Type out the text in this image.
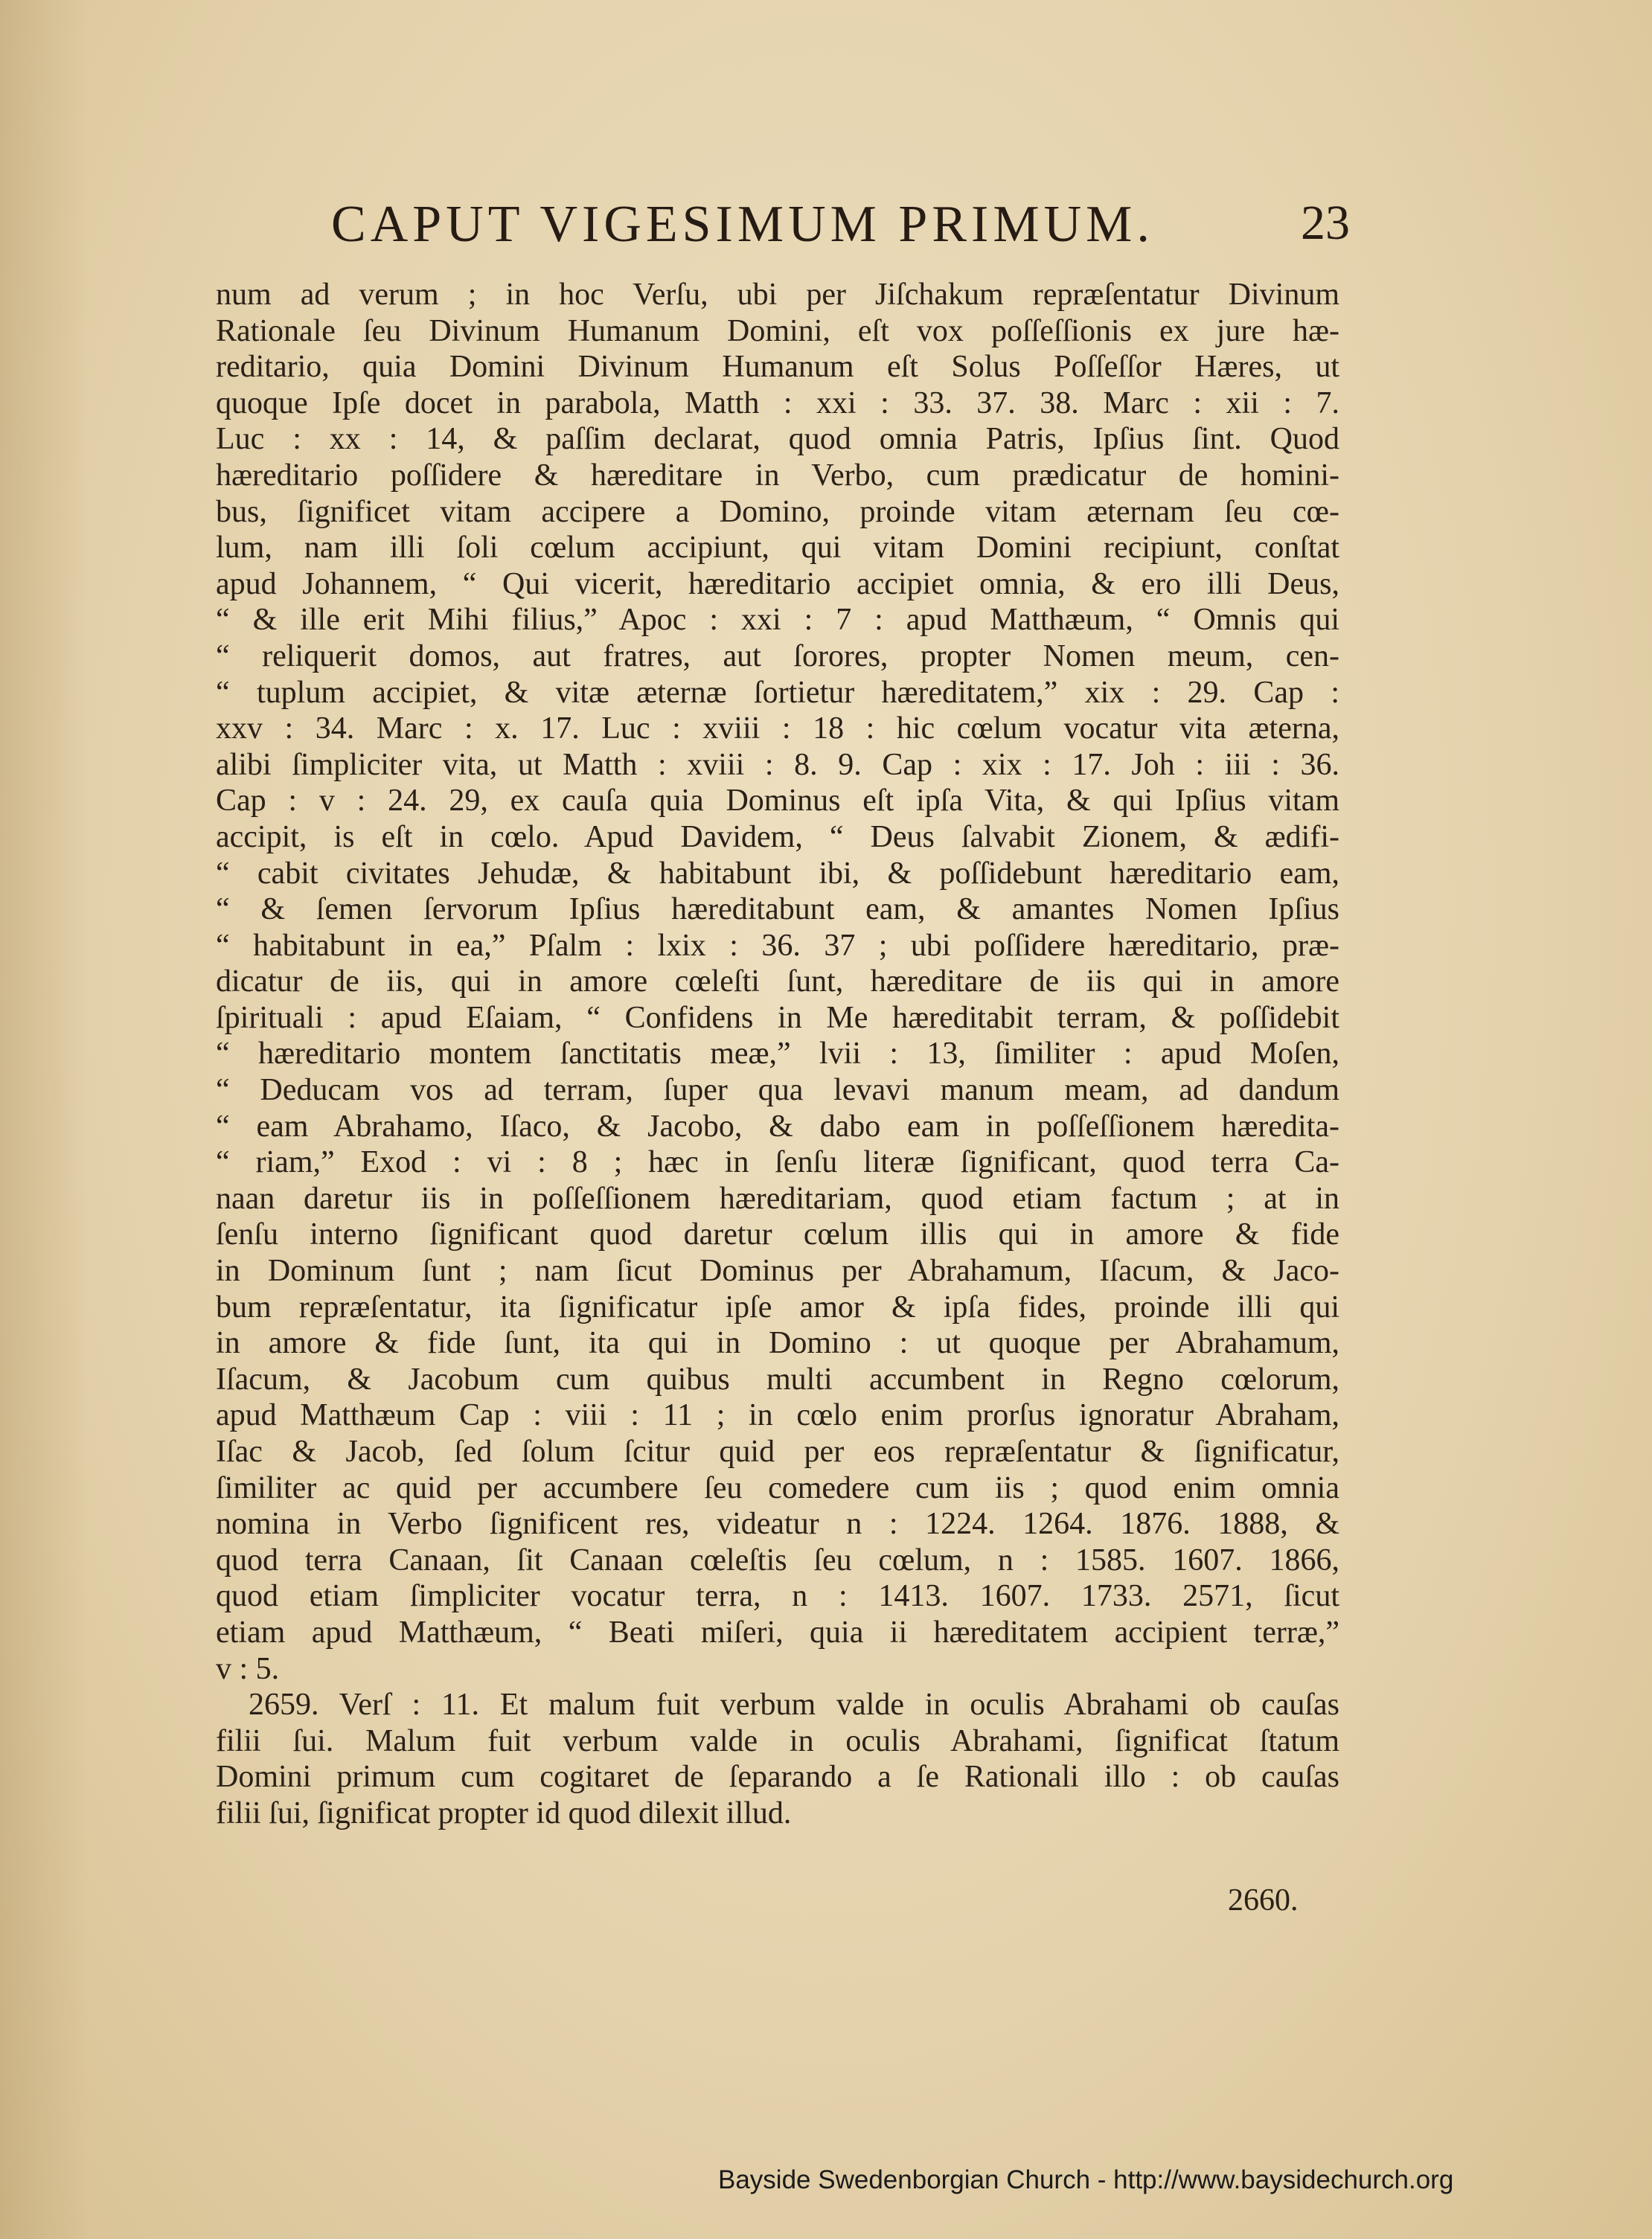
CAPUT VIGESIMUM PRIMUM.	23
num ad verum ; in hoc Verſu, ubi per Jiſchakum repræſentatur Divinum
Rationale ſeu Divinum Humanum Domini, eſt vox poſſeſſionis ex jure hæ-
reditario, quia Domini Divinum Humanum eſt Solus Poſſeſſor Hæres, ut
quoque Ipſe docet in parabola, Matth : xxi : 33. 37. 38. Marc : xii : 7.
Luc : xx : 14, & paſſim declarat, quod omnia Patris, Ipſius ſint. Quod
hæreditario poſſidere & hæreditare in Verbo, cum prædicatur de homini-
bus, ſignificet vitam accipere a Domino, proinde vitam æternam ſeu cœ-
lum, nam illi ſoli cœlum accipiunt, qui vitam Domini recipiunt, conſtat
apud Johannem, “ Qui vicerit, hæreditario accipiet omnia, & ero illi Deus,
“ & ille erit Mihi filius,” Apoc : xxi : 7 : apud Matthæum, “ Omnis qui
“ reliquerit domos, aut fratres, aut ſorores, propter Nomen meum, cen-
“ tuplum accipiet, & vitæ æternæ ſortietur hæreditatem,” xix : 29. Cap :
xxv : 34. Marc : x. 17. Luc : xviii : 18 : hic cœlum vocatur vita æterna,
alibi ſimpliciter vita, ut Matth : xviii : 8. 9. Cap : xix : 17. Joh : iii : 36.
Cap : v : 24. 29, ex cauſa quia Dominus eſt ipſa Vita, & qui Ipſius vitam
accipit, is eſt in cœlo. Apud Davidem, “ Deus ſalvabit Zionem, & ædifi-
“ cabit civitates Jehudæ, & habitabunt ibi, & poſſidebunt hæreditario eam,
“ & ſemen ſervorum Ipſius hæreditabunt eam, & amantes Nomen Ipſius
“ habitabunt in ea,” Pſalm : lxix : 36. 37 ; ubi poſſidere hæreditario, præ-
dicatur de iis, qui in amore cœleſti ſunt, hæreditare de iis qui in amore
ſpirituali : apud Eſaiam, “ Confidens in Me hæreditabit terram, & poſſidebit
“ hæreditario montem ſanctitatis meæ,” lvii : 13, ſimiliter : apud Moſen,
“ Deducam vos ad terram, ſuper qua levavi manum meam, ad dandum
“ eam Abrahamo, Iſaco, & Jacobo, & dabo eam in poſſeſſionem hæredita-
“ riam,” Exod : vi : 8 ; hæc in ſenſu literæ ſignificant, quod terra Ca-
naan daretur iis in poſſeſſionem hæreditariam, quod etiam factum ; at in
ſenſu interno ſignificant quod daretur cœlum illis qui in amore & fide
in Dominum ſunt ; nam ſicut Dominus per Abrahamum, Iſacum, & Jaco-
bum repræſentatur, ita ſignificatur ipſe amor & ipſa fides, proinde illi qui
in amore & fide ſunt, ita qui in Domino : ut quoque per Abrahamum,
Iſacum, & Jacobum cum quibus multi accumbent in Regno cœlorum,
apud Matthæum Cap : viii : 11 ; in cœlo enim prorſus ignoratur Abraham,
Iſac & Jacob, ſed ſolum ſcitur quid per eos repræſentatur & ſignificatur,
ſimiliter ac quid per accumbere ſeu comedere cum iis ; quod enim omnia
nomina in Verbo ſignificent res, videatur n : 1224. 1264. 1876. 1888, &
quod terra Canaan, ſit Canaan cœleſtis ſeu cœlum, n : 1585. 1607. 1866,
quod etiam ſimpliciter vocatur terra, n : 1413. 1607. 1733. 2571, ſicut
etiam apud Matthæum, “ Beati miſeri, quia ii hæreditatem accipient terræ,”
v : 5.
2659. Verſ : 11. Et malum fuit verbum valde in oculis Abrahami ob cauſas
filii ſui. Malum fuit verbum valde in oculis Abrahami, ſignificat ſtatum
Domini primum cum cogitaret de ſeparando a ſe Rationali illo : ob cauſas
filii ſui, ſignificat propter id quod dilexit illud.
2660.
Bayside Swedenborgian Church - http://www.baysidechurch.org
